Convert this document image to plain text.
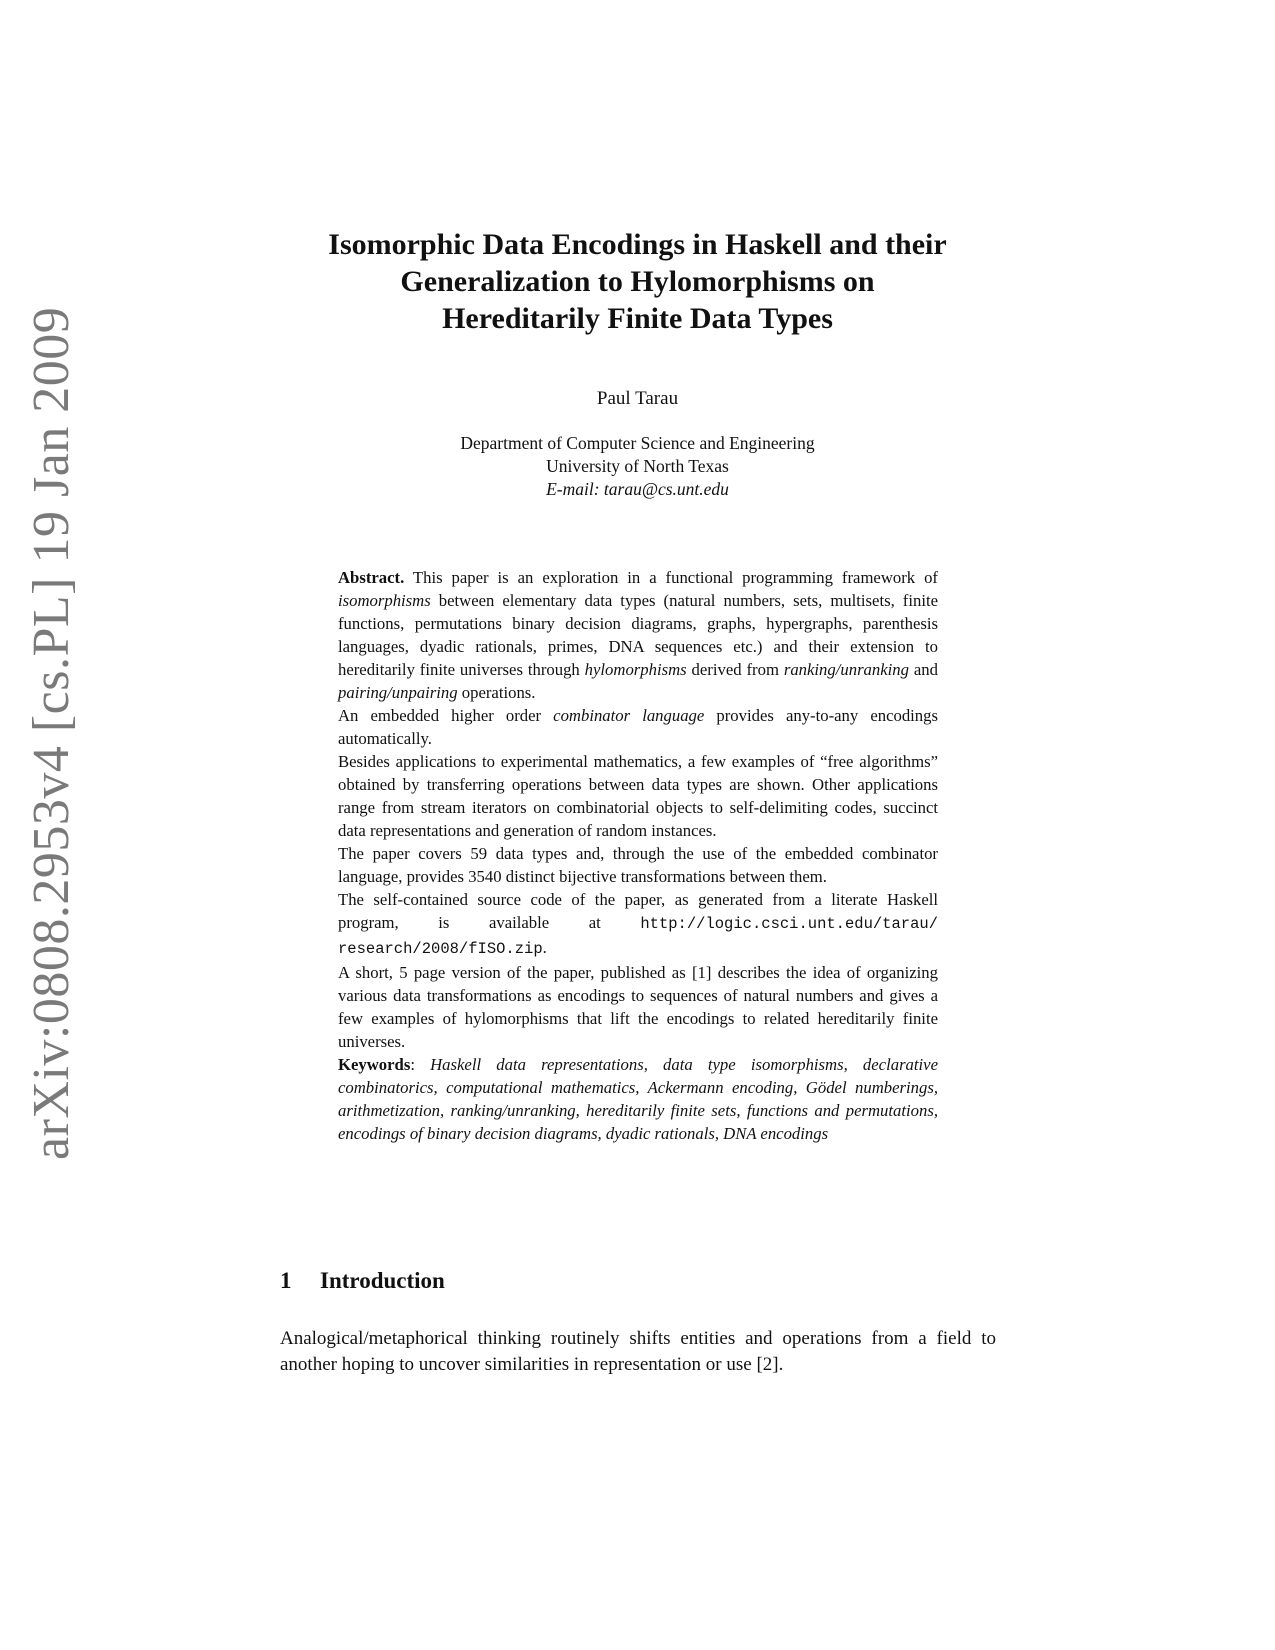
arXiv:0808.2953v4 [cs.PL] 19 Jan 2009
Isomorphic Data Encodings in Haskell and their
Generalization to Hylomorphisms on
Hereditarily Finite Data Types
Paul Tarau
Department of Computer Science and Engineering
University of North Texas
E-mail: tarau@cs.unt.edu

Abstract. This paper is an exploration in a functional programming framework of isomorphisms between elementary data types (natural numbers, sets, multisets, finite functions, permutations binary decision diagrams, graphs, hypergraphs, parenthesis languages, dyadic rationals, primes, DNA sequences etc.) and their extension to hereditarily finite universes through hylomorphisms derived from ranking/unranking and pairing/unpairing operations.

An embedded higher order combinator language provides any-to-any encodings automatically.

Besides applications to experimental mathematics, a few examples of “free algorithms” obtained by transferring operations between data types are shown. Other applications range from stream iterators on combinatorial objects to self-delimiting codes, succinct data representations and generation of random instances.

The paper covers 59 data types and, through the use of the embedded combinator language, provides 3540 distinct bijective transformations between them.

The self-contained source code of the paper, as generated from a literate Haskell program, is available at http://logic.csci.unt.edu/tarau/ research/2008/fISO.zip.

A short, 5 page version of the paper, published as [1] describes the idea of organizing various data transformations as encodings to sequences of natural numbers and gives a few examples of hylomorphisms that lift the encodings to related hereditarily finite universes.

Keywords: Haskell data representations, data type isomorphisms, declarative combinatorics, computational mathematics, Ackermann encoding, Gödel numberings, arithmetization, ranking/unranking, hereditarily finite sets, functions and permutations, encodings of binary decision diagrams, dyadic rationals, DNA encodings

1 Introduction

Analogical/metaphorical thinking routinely shifts entities and operations from a field to another hoping to uncover similarities in representation or use [2].
